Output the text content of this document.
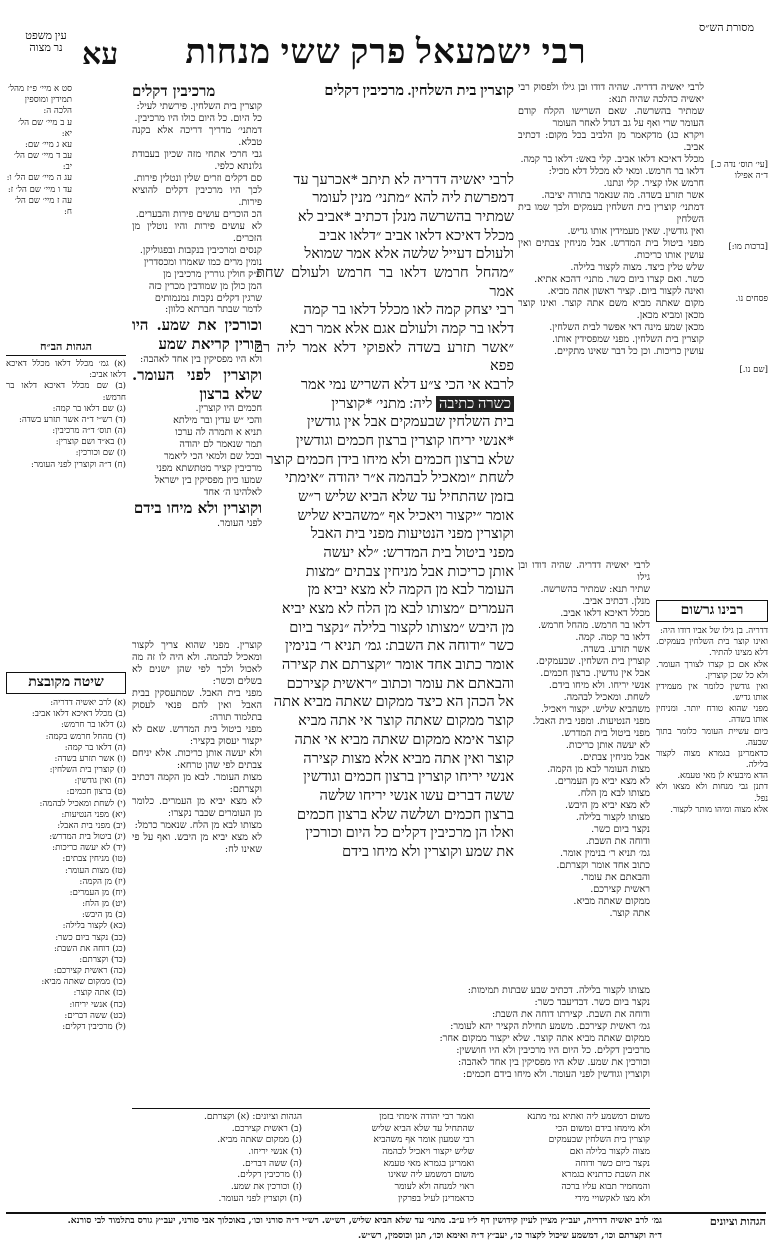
מסורת הש״ס
רבי ישמעאל פרק ששי מנחות
עא
עין משפט
נר מצוה
[עי׳ תוס׳ נדה כ.]
ד״ה אפילו
[ברכות מו:]
פסחים נו.
[שם נו.]
לרבי יאשיה דדריה. שהיה דודו ובן גילו ולפסוק רבי יאשיה כהלכה שהיה תנא:
שמתיר בהשרשה. שאם השרישו הקלח קודם העומר שרי ואף על גב דגדל לאחר העומר
ויקרא כג) מדקאמר מן הלביב בכל מקום: דכתיב אביב.
מכלל דאיכא דלאו אביב. קלי באש: דלאו בר קמה.
דלאו בר חרמש. ומאי לא מכלל דלא מכיל:
חרמש אלו קציר. קלי ונתנו.
אשר תזרע בשדה. מה שנאמר בתורה יציבה.
דמתני׳ קוצרין בית השלחין בעמקים ולכך שמו בית השלחין
ואין גודשין. שאין מעמידין אותו גדיש.
מפני ביטול בית המדרש. אבל מניחין צבתים ואין עושין אותו כריכות.
שלש טלין כיצד. מצוה לקצור בלילה.
כשר. ואם קצרו ביום כשר. מתני׳ דהכא אתיא.
ואינה לקצור ביום. קציר ראשון אתה מביא.
מקום שאתה מביא משם אתה קוצר. ואינו קוצר מכאן ומביא מכאן.
מכאן שמע מינה דאי אפשר לבית השלחין.
קוצרין בית השלחין. מפני שמפסידין אותו.
עושין כריכות. וכן כל דבר שאינו מתקיים.
רבינו גרשום
דדריה. בן גילו של אביו דודו היה:
ואינו קוצר בית השלחין בעמקים. דלא מצינו להתיר.
אלא אם כן קצרו לצורך העומר. ולא כל שכן קוצרין.
ואין גודשין כלומר אין מעמידין אותו גדיש.
מפני שהוא טורח יותר. ומניחין אותו בשדה.
ביום עשיית העומר כלומר בתוך שבעה.
כדאמרינן בגמרא מצוה לקצור בלילה.
הדא מיבעיא לן מאי טעמא.
דתנן גבי מנחות ולא מצאו ולא נפל.
אלא מצוה ומיהו מותר לקצור.
לרבי יאשיה דדריה. שהיה דודו ובן גילו
שתיר תנא: שמתיר בהשרשה.
מנלן. דכתיב אביב.
מכלל דאיכא דלאו אביב.
דלאו בר חרמש. מהחל חרמש.
דלאו בר קמה. קמה.
אשר תזרע. בשדה.
קוצרין בית השלחין. שבעמקים.
אבל אין גודשין. ברצון חכמים.
אנשי יריחו. ולא מיחו בידם.
לשחת. ומאכיל לבהמה.
משהביא שליש. יקצור ויאכיל.
מפני הנטיעות. ומפני בית האבל.
מפני ביטול בית המדרש.
לא יעשה אותן כריכות.
אבל מניחין צבתים.
מצות העומר לבא מן הקמה.
לא מצא יביא מן העמרים.
מצותו לבא מן הלח.
לא מצא יביא מן היבש.
מצותו לקצור בלילה.
נקצר ביום כשר.
ודוחה את השבת.
גמ׳ תניא ר׳ בנימין אומר.
כתוב אחד אומר וקצרתם.
והבאתם את עומר.
ראשית קצירכם.
ממקום שאתה מביא.
אתה קוצר.
קוצרין בית השלחין. מרכיבין דקלים
לרבי יאשיה דדריה לא תיתב *אכרעך עד
דמפרשת ליה להא ״מתני׳ מנין לעומר
שמתיר בהשרשה מנלן דכתיב *אביב לא
מכלל דאיכא דלאו אביב ״דלאו אביב
ולעולם דעייל שלשה אלא אמר שמואל
״מהחל חרמש דלאו בר חרמש ולעולם שחת אמר
רבי יצחק קמה לאו מכלל דלאו בר קמה
דלאו בר קמה ולעולם אגם אלא אמר רבא
״אשר תזרע בשדה לאפוקי דלא אמר ליה רב פפא
לרבא אי הכי צ״ע דלא השריש נמי אמר
כשרה כתיבה ליה: מתני׳ *קוצרין
בית השלחין שבעמקים אבל אין גודשין
*אנשי יריחו קוצרין ברצון חכמים וגודשין
שלא ברצון חכמים ולא מיחו בידן חכמים קוצר
לשחת ״ומאכיל לבהמה א״ר יהודה ״אימתי
בזמן שהתחיל עד שלא הביא שליש ר״ש
אומר ״יקצור ויאכיל אף ״משהביא שליש
וקוצרין מפני הנטיעות מפני בית האבל
מפני ביטול בית המדרש: ״לא יעשה
אותן כריכות אבל מניחין צבתים ״מצות
העומר לבא מן הקמה לא מצא יביא מן
העמרים ״מצותו לבא מן הלח לא מצא יביא
מן היבש ״מצותו לקצור בלילה ״נקצר ביום
כשר ״ודוחה את השבת: גמ׳ תניא ר׳ בנימין
אומר כתוב אחד אומר ״וקצרתם את קצירה
והבאתם את עומר וכתוב ״ראשית קצירכם
אל הכהן הא כיצד ממקום שאתה מביא אתה
קוצר ממקום שאתה קוצר אי אתה מביא
קוצר אימא ממקום שאתה מביא אי אתה
קוצר ואין אתה מביא אלא מצות קצירה
אנשי יריחו קוצרין ברצון חכמים וגודשין
ששה דברים עשו אנשי יריחו שלשה
ברצון חכמים ושלשה שלא ברצון חכמים
ואלו הן מרכיבין דקלים כל היום וכורכין
את שמע וקוצרין ולא מיחו בידם
מרכיבין דקלים
קוצרין בית השלחין. פירשתי לעיל:
כל היום. כל היום כולו היו מרכיבין.
דמתני׳ מדריך דריכה אלא בקנה טבלא.
גבי חרכי אתחי מזה שכיון בעבודת גלונתא כלפי.
סם דקלים וזרים שלין ונטלין פירות.
לכך היו מרכיבין דקלים להוציא פירות.
הכ הוכרים עושים פירות והבערים.
לא עושים פירות והיו נוטלין מן הזכרים.
קנסים ומרכיבין בנקבות ובפגוליקן.
נומין מרים כמו שאמרו ומכסדרין
פ״ק חולין גוררין מרכיבין מן
המן כולן מן שמודבין מכרין כזה
שרגין דקלים נקבות נמנמותים
לדמר שבתר חברתא כלוון:
וכורכין את שמע. היו קורין קריאת שמע
ולא היו מפסיקין בין אחד לאהבה:
וקוצרין לפני העומר. שלא ברצון
חכמים היו קוצרין.
והכי ״ש עדין ובר מילתא
תניא א ותמרה לה ערכו
תמר שנאמר לם יהודה
ובכל שם ולמאי הכי ליאמר
מרכיבין קציר מטתשתא מפני
שמעו כיון מפסיקין בין ישראל
לאלהינו ה׳ אחד
וקוצרין ולא מיחו בידם
לפני העומר.
סט א מיי׳ פ״ז מהל׳
תמידין ומוספין
הלכה ה:
ע ב מיי׳ שם הל׳ יא:
עא ג מיי׳ שם:
עב ד מיי׳ שם הל׳ יב:
עג ה מיי׳ שם הל׳ ו:
עד ו מיי׳ שם הל׳ ז:
עה ז מיי׳ שם הל׳ ח:
הגהות הב״ח
(א) גמ׳ מכלל דלאו מכלל דאיכא דלאו אביב:
(ב) שם מכלל דאיכא דלאו בר חרמש:
(ג) שם דלאו בר קמה:
(ד) רש״י ד״ה אשר תזרע בשדה:
(ה) תוס׳ ד״ה מרכיבין:
(ו) בא״ד ושם קוצרין:
(ז) שם וכורכין:
(ח) ד״ה וקוצרין לפני העומר:
שיטה מקובצת
(א) לרב יאשיה דדריה:
(ב) מכלל דאיכא דלאו אביב:
(ג) דלאו בר חרמש:
(ד) מהחל חרמש בקמה:
(ה) דלאו בר קמה:
(ו) אשר תזרע בשדה:
(ז) קוצרין בית השלחין:
(ח) ואין גודשין:
(ט) ברצון חכמים:
(י) לשחת ומאכיל לבהמה:
(יא) מפני הנטיעות:
(יב) מפני בית האבל:
(יג) ביטול בית המדרש:
(יד) לא יעשה כריכות:
(טו) מניחין צבתים:
(טז) מצות העומר:
(יז) מן הקמה:
(יח) מן העמרים:
(יט) מן הלח:
(כ) מן היבש:
(כא) לקצור בלילה:
(כב) נקצר ביום כשר:
(כג) דוחה את השבת:
(כד) וקצרתם:
(כה) ראשית קצירכם:
(כו) ממקום שאתה מביא:
(כז) אתה קוצר:
(כח) אנשי יריחו:
(כט) ששה דברים:
(ל) מרכיבין דקלים:
קוצרין. מפני שהוא צריך לקצור ומאכיל לבהמה. ולא היה לו זה מה לאכול ולכך לפי שהן ישנים לא בשלים וכשר:
מפני בית האבל. שמתעסקין בבית האבל ואין להם פנאי לעסוק בתלמוד תורה:
מפני ביטול בית המדרש. שאם לא יקצור יעסוק בקציר:
ולא יעשה אותן כריכות. אלא יניחם צבתים לפי שהן טרחא:
מצות העומר. לבא מן הקמה דכתיב וקצרתם:
לא מצא יביא מן העמרים. כלומר מן העומרים שכבר נקצרו:
מצותו לבא מן הלח. שנאמר כרמל:
לא מצא יביא מן היבש. ואף על פי שאינו לח:
מצותו לקצור בלילה. דכתיב שבע שבתות תמימות:
נקצר ביום כשר. דבדיעבד כשר:
ודוחה את השבת. קצירתו דוחה את השבת:
גמ׳ ראשית קצירכם. משמע תחילת הקציר יהא לעומר:
ממקום שאתה מביא אתה קוצר. שלא יקצור ממקום אחר:
מרכיבין דקלים. כל היום היו מרכיבין ולא היו חוששין:
וכורכין את שמע. שלא היו מפסיקין בין אחד לאהבה:
וקוצרין וגודשין לפני העומר. ולא מיחו בידם חכמים:
משום דמשמע ליה ואתיא נמי מתנא
ולא מימחו בידם ומשום הכי
קוצרין בית השלחין שבעמקים
מצוה לקצור בלילה ואם
נקצר ביום כשר ודוחה
את השבת כדתניא בגמרא
והמחמיר תבוא עליו ברכה
ולא מצו לאקשויי מידי
ואמר רבי יהודה אימתי בזמן
שהתחיל עד שלא הביא שליש
רבי שמעון אומר אף משהביא
שליש יקצור ויאכיל לבהמה
ואמרינן בגמרא מאי טעמא
משום דמשמע ליה שאינו
ראוי למנחה ולא לעומר
כדאמרינן לעיל בפרקין
הגהות וציונים: (א) וקצרתם.
(ב) ראשית קצירכם.
(ג) ממקום שאתה מביא.
(ד) אנשי יריחו.
(ה) ששה דברים.
(ו) מרכיבין דקלים.
(ז) וכורכין את שמע.
(ח) וקוצרין לפני העומר.
הגהות וציונים
גמ׳ לרב יאשיה דדריה, יעב״ץ מציין לעיין קידושין דף ל״ו ע״ב. מתני׳ עד שלא הביא שליש, רש״ש. רש״י ד״ה סורני וכו׳, באוכלוך אבי סורני, יעב״ץ גורס בתלמוד לבי סורנא.
ד״ה וקצרתם וכו׳, דמשמע שיכול לקצור כו׳, יעב״ץ ד״ה ואימא וכו׳, תנן וכוסמין, רש״ש.
